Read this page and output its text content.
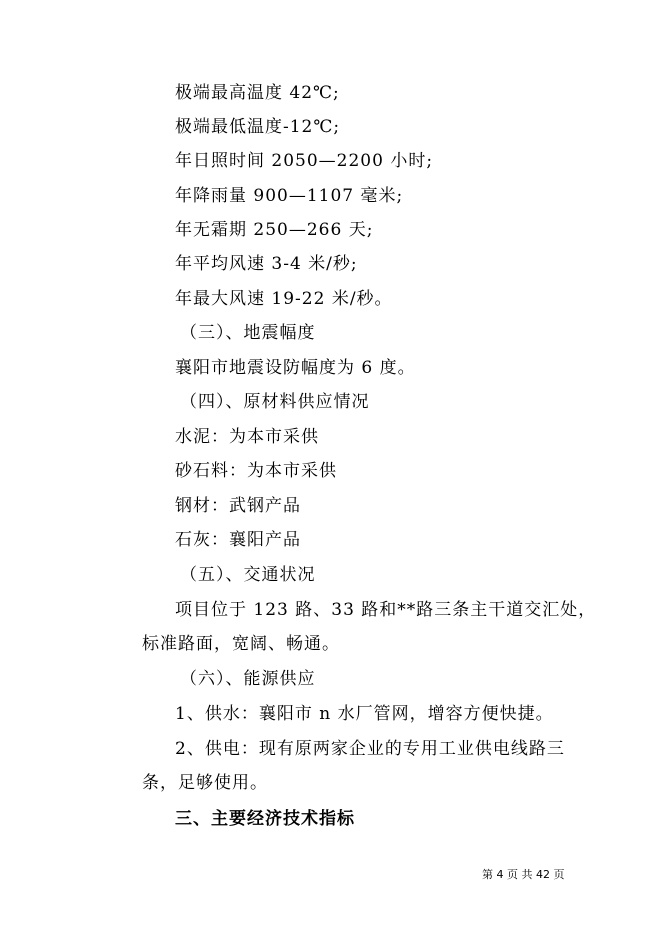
极端最高温度 42℃;
极端最低温度-12℃;
年日照时间 2050—2200 小时;
年降雨量 900—1107 毫米;
年无霜期 250—266 天;
年平均风速 3-4 米/秒;
年最大风速 19-22 米/秒。
（三）、地震幅度
襄阳市地震设防幅度为 6 度。
（四）、原材料供应情况
水泥：为本市采供
砂石料：为本市采供
钢材：武钢产品
石灰：襄阳产品
（五）、交通状况
项目位于 123 路、33 路和**路三条主干道交汇处，
标准路面，宽阔、畅通。
（六）、能源供应
1、供水：襄阳市 n 水厂管网，增容方便快捷。
2、供电：现有原两家企业的专用工业供电线路三
条，足够使用。
三、主要经济技术指标
第 4 页 共 42 页
